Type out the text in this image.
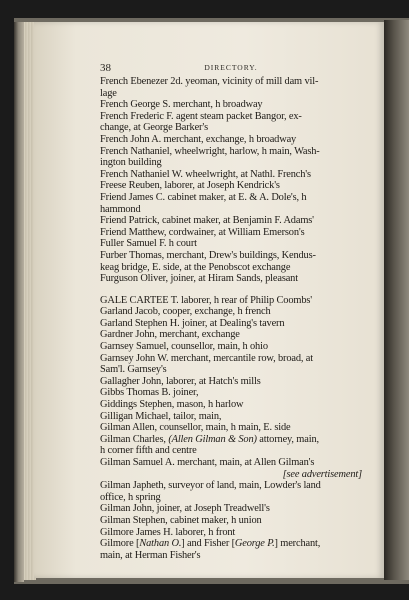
38	DIRECTORY.

French Ebenezer 2d. yeoman, vicinity of mill dam vil-
lage

French George S. merchant, h broadway

French Frederic F. agent steam packet Bangor, ex-
change, at George Barker's

French John A. merchant, exchange, h broadway

French Nathaniel, wheelwright, harlow, h main, Wash-
ington building

French Nathaniel W. wheelwright, at Nathl. French's

Freese Reuben, laborer, at Joseph Kendrick's

Friend James C. cabinet maker, at E. & A. Dole's, h
hammond

Friend Patrick, cabinet maker, at Benjamin F. Adams'

Friend Matthew, cordwainer, at William Emerson's

Fuller Samuel F. h court

Furber Thomas, merchant, Drew's buildings, Kendus-
keag bridge, E. side, at the Penobscot exchange

Furguson Oliver, joiner, at Hiram Sands, pleasant

GALE CARTEE T. laborer, h rear of Philip Coombs'

Garland Jacob, cooper, exchange, h french

Garland Stephen H. joiner, at Dealing's tavern

Gardner John, merchant, exchange

Garnsey Samuel, counsellor, main, h ohio

Garnsey John W. merchant, mercantile row, broad, at
Sam'l. Garnsey's

Gallagher John, laborer, at Hatch's mills

Gibbs Thomas B. joiner,

Giddings Stephen, mason, h harlow

Gilligan Michael, tailor, main,

Gilman Allen, counsellor, main, h main, E. side

Gilman Charles, (Allen Gilman & Son) attorney, main,
h corner fifth and centre

Gilman Samuel A. merchant, main, at Allen Gilman's
[see advertisement]

Gilman Japheth, surveyor of land, main, Lowder's land
office, h spring

Gilman John, joiner, at Joseph Treadwell's

Gilman Stephen, cabinet maker, h union

Gilmore James H. laborer, h front

Gilmore [Nathan O.] and Fisher [George P.] merchant,
main, at Herman Fisher's
